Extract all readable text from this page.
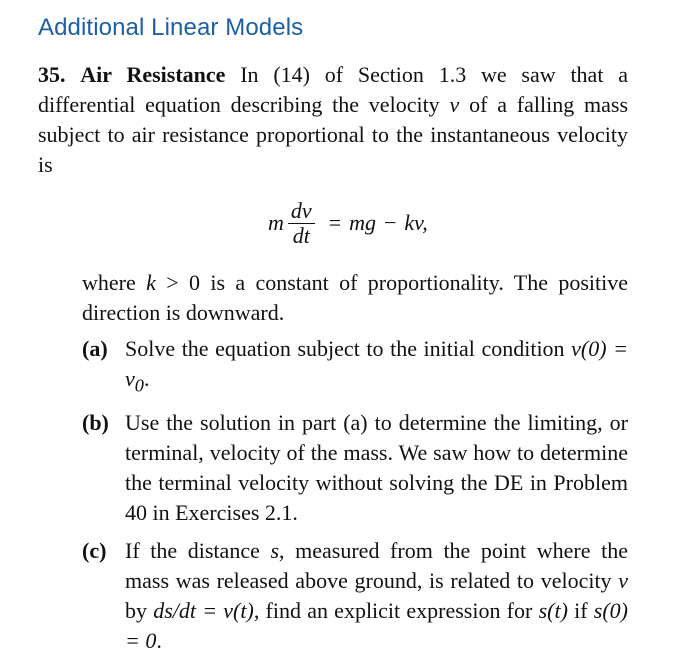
Additional Linear Models

35. Air Resistance In (14) of Section 1.3 we saw that a differential equation describing the velocity v of a falling mass subject to air resistance proportional to the instantaneous velocity is

m $\frac{dv}{dt}$ = mg − kv,

where k > 0 is a constant of proportionality. The positive direction is downward.

(a) Solve the equation subject to the initial condition $v(0) = v_0$.
(b) Use the solution in part (a) to determine the limiting, or terminal, velocity of the mass. We saw how to determine the terminal velocity without solving the DE in Problem 40 in Exercises 2.1.
(c) If the distance s, measured from the point where the mass was released above ground, is related to velocity v by ds/dt = v(t), find an explicit expression for s(t) if s(0) = 0.
